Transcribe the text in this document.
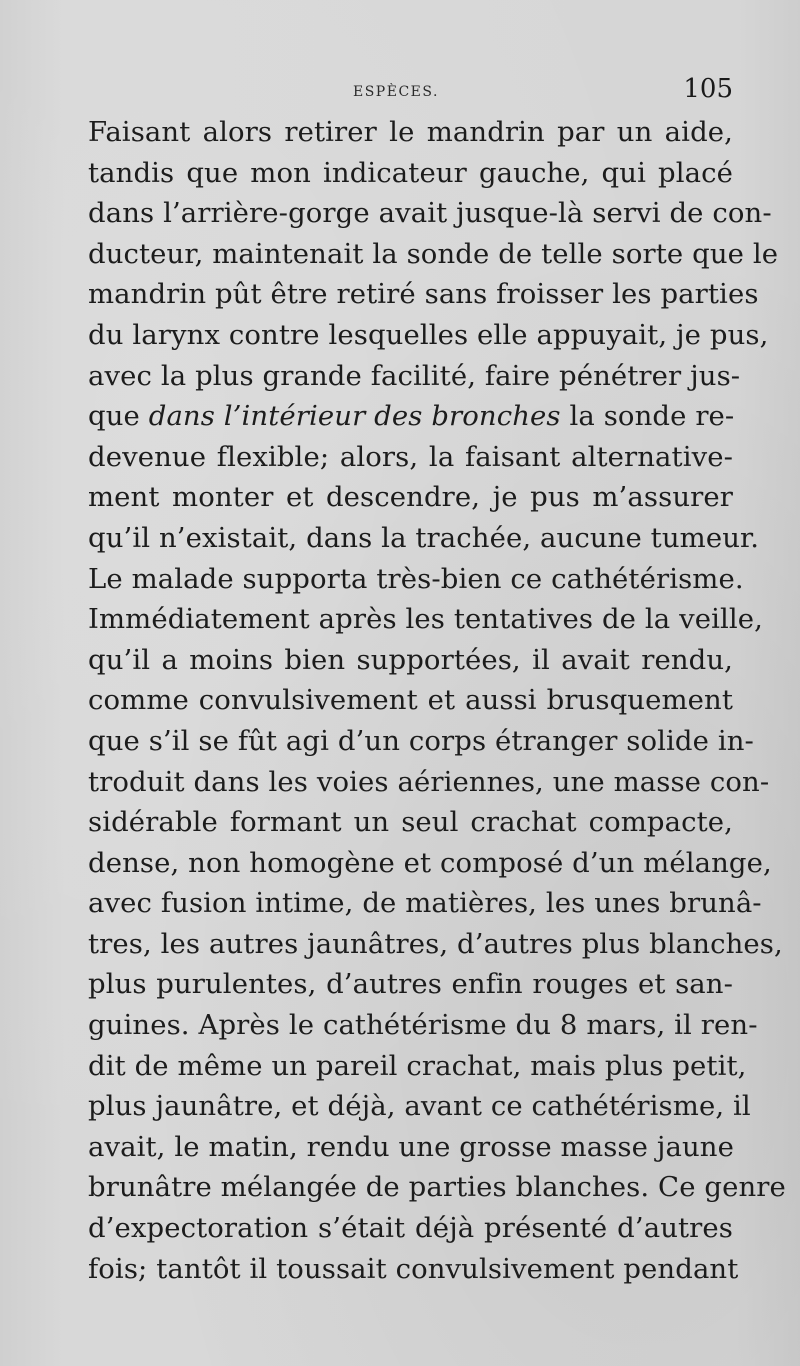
ESPÈCES.	105
Faisant alors retirer le mandrin par un aide,
tandis que mon indicateur gauche, qui placé
dans l’arrière-gorge avait jusque-là servi de con-
ducteur, maintenait la sonde de telle sorte que le
mandrin pût être retiré sans froisser les parties
du larynx contre lesquelles elle appuyait, je pus,
avec la plus grande facilité, faire pénétrer jus-
que dans l’intérieur des bronches la sonde re-
devenue flexible; alors, la faisant alternative-
ment monter et descendre, je pus m’assurer
qu’il n’existait, dans la trachée, aucune tumeur.
Le malade supporta très-bien ce cathétérisme.
Immédiatement après les tentatives de la veille,
qu’il a moins bien supportées, il avait rendu,
comme convulsivement et aussi brusquement
que s’il se fût agi d’un corps étranger solide in-
troduit dans les voies aériennes, une masse con-
sidérable formant un seul crachat compacte,
dense, non homogène et composé d’un mélange,
avec fusion intime, de matières, les unes brunâ-
tres, les autres jaunâtres, d’autres plus blanches,
plus purulentes, d’autres enfin rouges et san-
guines. Après le cathétérisme du 8 mars, il ren-
dit de même un pareil crachat, mais plus petit,
plus jaunâtre, et déjà, avant ce cathétérisme, il
avait, le matin, rendu une grosse masse jaune
brunâtre mélangée de parties blanches. Ce genre
d’expectoration s’était déjà présenté d’autres
fois; tantôt il toussait convulsivement pendant
